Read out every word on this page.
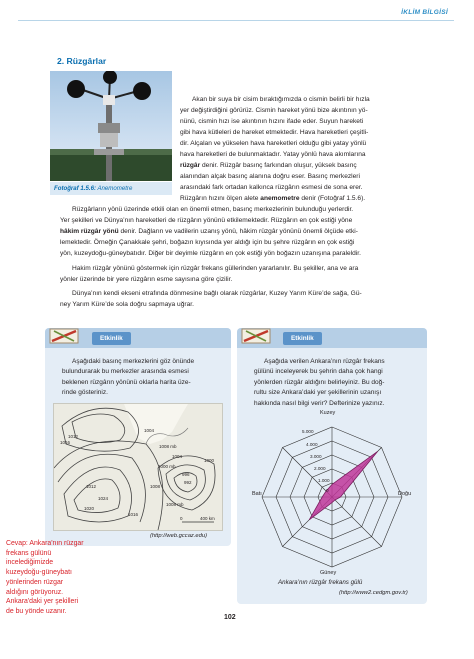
İKLİM BİLGİSİ
2. Rüzgârlar
Fotoğraf 1.5.6: Anemometre
Akan bir suya bir cisim bıraktığımızda o cismin belirli bir hızla
yer değiştirdiğini görürüz. Cismin hareket yönü bize akıntının yö-
nünü, cismin hızı ise akıntının hızını ifade eder. Suyun hareketi
gibi hava kütleleri de hareket etmektedir. Hava hareketleri çeşitli-
dir. Alçalan ve yükselen hava hareketleri olduğu gibi yatay yönlü
hava hareketleri de bulunmaktadır. Yatay yönlü hava akımlarına
rüzgâr denir. Rüzgâr basınç farkından oluşur, yüksek basınç
alanından alçak basınç alanına doğru eser. Basınç merkezleri
arasındaki fark ortadan kalkınca rüzgârın esmesi de sona erer.
Rüzgârın hızını ölçen alete anemometre denir (Fotoğraf 1.5.6).
Rüzgârların yönü üzerinde etkili olan en önemli etmen, basınç merkezlerinin bulunduğu yerlerdir.
Yer şekilleri ve Dünya’nın hareketleri de rüzgârın yönünü etkilemektedir. Rüzgârın en çok estiği yöne
hâkim rüzgâr yönü denir. Dağların ve vadilerin uzanış yönü, hâkim rüzgâr yönünü önemli ölçüde etki-
lemektedir. Örneğin Çanakkale şehri, boğazın kıyısında yer aldığı için bu şehre rüzgârın en çok estiği
yön, kuzeydoğu-güneybatıdır. Diğer bir deyimle rüzgârın en çok estiği yön boğazın uzanışına paraleldir.
Hakim rüzgâr yönünü göstermek için rüzgâr frekans güllerinden yararlanılır. Bu şekiller, ana ve ara
yönler üzerinde bir yere rüzgârın esme sayısına göre çizilir.
Dünya’nın kendi ekseni etrafında dönmesine bağlı olarak rüzgârlar, Kuzey Yarım Küre’de sağa, Gü-
ney Yarım Küre’de sola doğru sapmaya uğrar.
Etkinlik
Aşağıdaki basınç merkezlerini göz önünde
bulundurarak bu merkezler arasında esmesi
beklenen rüzgârın yönünü oklarla harita üze-
rinde gösteriniz.
1004
1008 mb
1000 mb
1012
1016
1020
1024
1012	1008
1008 mb
1004
1000
996
992
1016
0	400 km
(http://web.gccaz.edu)
Etkinlik
Aşağıda verilen Ankara’nın rüzgâr frekans
gülünü inceleyerek bu şehrin daha çok hangi
yönlerden rüzgâr aldığını belirleyiniz. Bu doğ-
rultu size Ankara’daki yer şekillerinin uzanışı
hakkında nasıl bilgi verir? Defterinize yazınız.
Kuzey
Güney
Doğu
Batı
5.000
4.000
3.000
2.000
1.000
0
Ankara’nın rüzgâr frekans gülü
(http://www2.cedgm.gov.tr)
Cevap: Ankara'nın rüzgar
frekans gülünü
incelediğimizde
kuzeydoğu-güneybatı
yönlerinden rüzgar
aldığını görüyoruz.
Ankara'daki yer şekilleri
de bu yönde uzanır.
102
